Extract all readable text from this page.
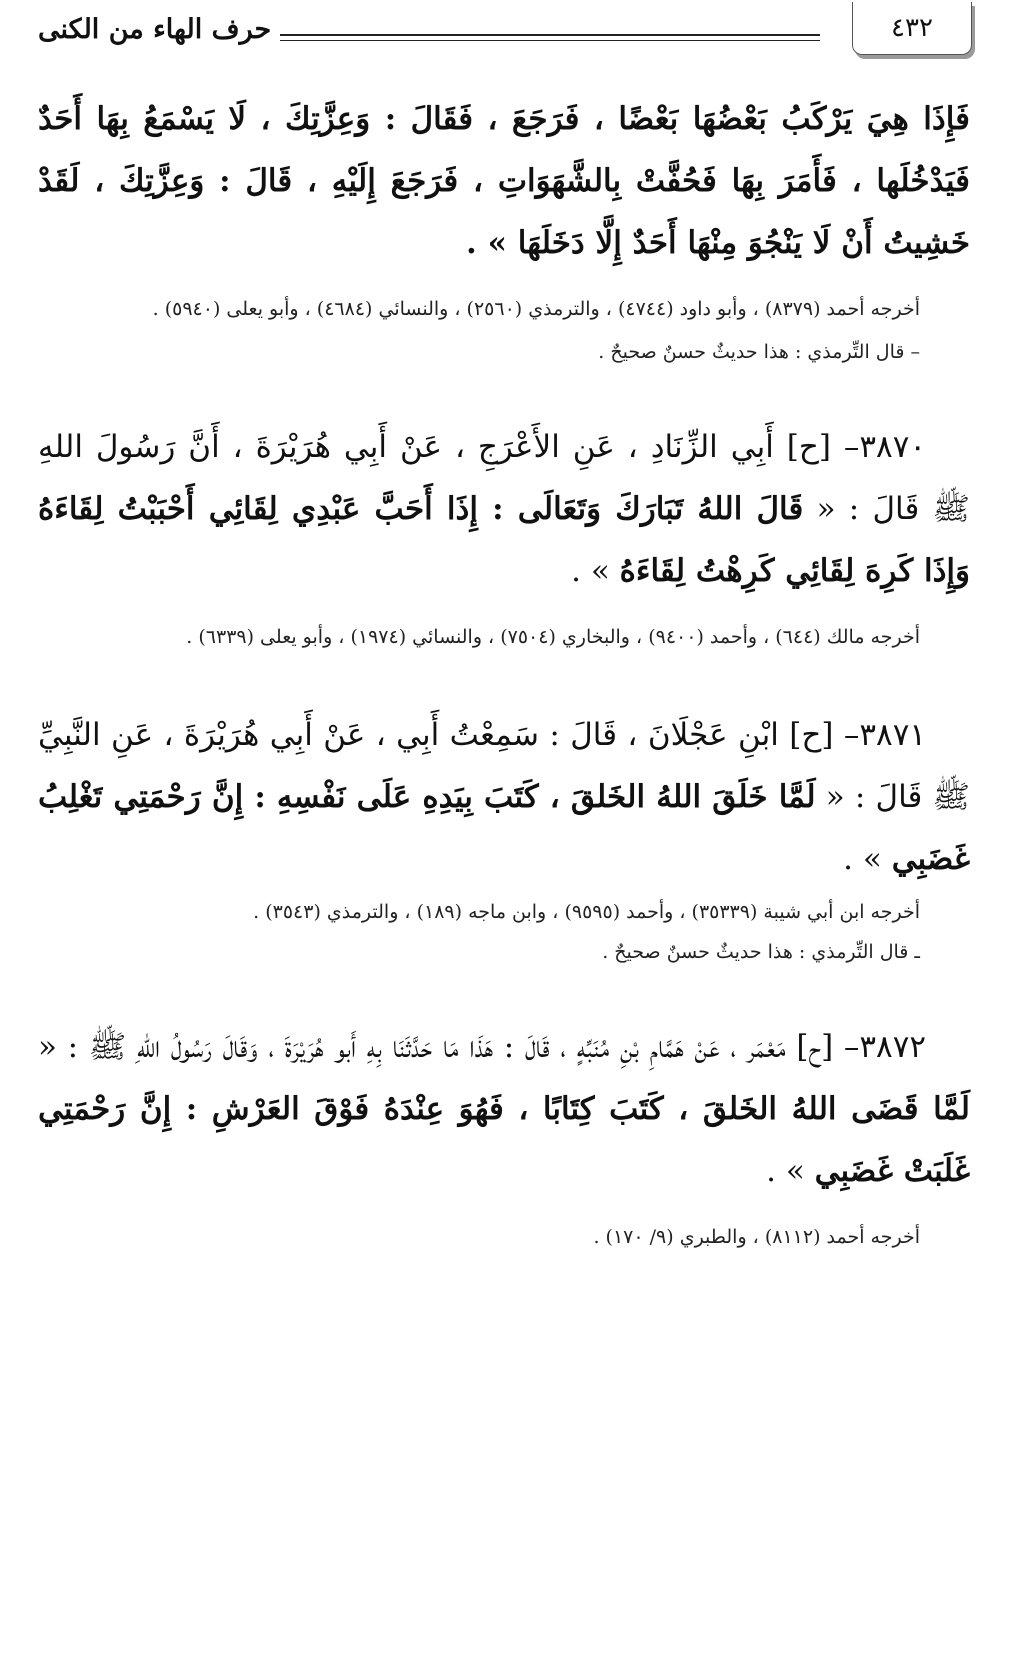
٤٣٢
حرف الهاء من الكنى

فَإِذَا هِيَ يَرْكَبُ بَعْضُهَا بَعْضًا ، فَرَجَعَ ، فَقَالَ : وَعِزَّتِكَ ، لَا يَسْمَعُ بِهَا أَحَدٌ فَيَدْخُلَها ، فَأَمَرَ بِهَا فَحُفَّتْ بِالشَّهَوَاتِ ، فَرَجَعَ إِلَيْهِ ، قَالَ : وَعِزَّتِكَ ، لَقَدْ خَشِيتُ أَنْ لَا يَنْجُوَ مِنْهَا أَحَدٌ إِلَّا دَخَلَهَا » .

أخرجه أحمد (٨٣٧٩) ، وأبو داود (٤٧٤٤) ، والترمذي (٢٥٦٠) ، والنسائي (٤٦٨٤) ، وأبو يعلى (٥٩٤٠) .

– قال التِّرمذي : هذا حديثٌ حسنٌ صحيحٌ .

٣٨٧٠– [ح] أَبِي الزِّنَادِ ، عَنِ الأَعْرَجِ ، عَنْ أَبِي هُرَيْرَةَ ، أَنَّ رَسُولَ اللهِ ﷺ قَالَ : « قَالَ اللهُ تَبَارَكَ وَتَعَالَى : إِذَا أَحَبَّ عَبْدِي لِقَائِي أَحْبَبْتُ لِقَاءَهُ وَإِذَا كَرِهَ لِقَائِي كَرِهْتُ لِقَاءَهُ » .

أخرجه مالك (٦٤٤) ، وأحمد (٩٤٠٠) ، والبخاري (٧٥٠٤) ، والنسائي (١٩٧٤) ، وأبو يعلى (٦٣٣٩) .

٣٨٧١– [ح] ابْنِ عَجْلَانَ ، قَالَ : سَمِعْتُ أَبِي ، عَنْ أَبِي هُرَيْرَةَ ، عَنِ النَّبِيِّ ﷺ قَالَ : « لَمَّا خَلَقَ اللهُ الخَلقَ ، كَتَبَ بِيَدِهِ عَلَى نَفْسِهِ : إِنَّ رَحْمَتِي تَغْلِبُ غَضَبِي » .

أخرجه ابن أبي شيبة (٣٥٣٣٩) ، وأحمد (٩٥٩٥) ، وابن ماجه (١٨٩) ، والترمذي (٣٥٤٣) .

ـ قال التِّرمذي : هذا حديثٌ حسنٌ صحيحٌ .

٣٨٧٢– [ح] مَعْمَر ، عَنْ هَمَّامِ بْنِ مُنَبِّهٍ ، قَالَ : هَذَا مَا حَدَّثَنَا بِهِ أَبو هُرَيْرَةَ ، وَقَالَ رَسُولُ اللهِ ﷺ : « لَمَّا قَضَى اللهُ الخَلقَ ، كَتَبَ كِتَابًا ، فَهُوَ عِنْدَهُ فَوْقَ العَرْشِ : إِنَّ رَحْمَتِي غَلَبَتْ غَضَبِي » .

أخرجه أحمد (٨١١٢) ، والطبري (٩/ ١٧٠) .
